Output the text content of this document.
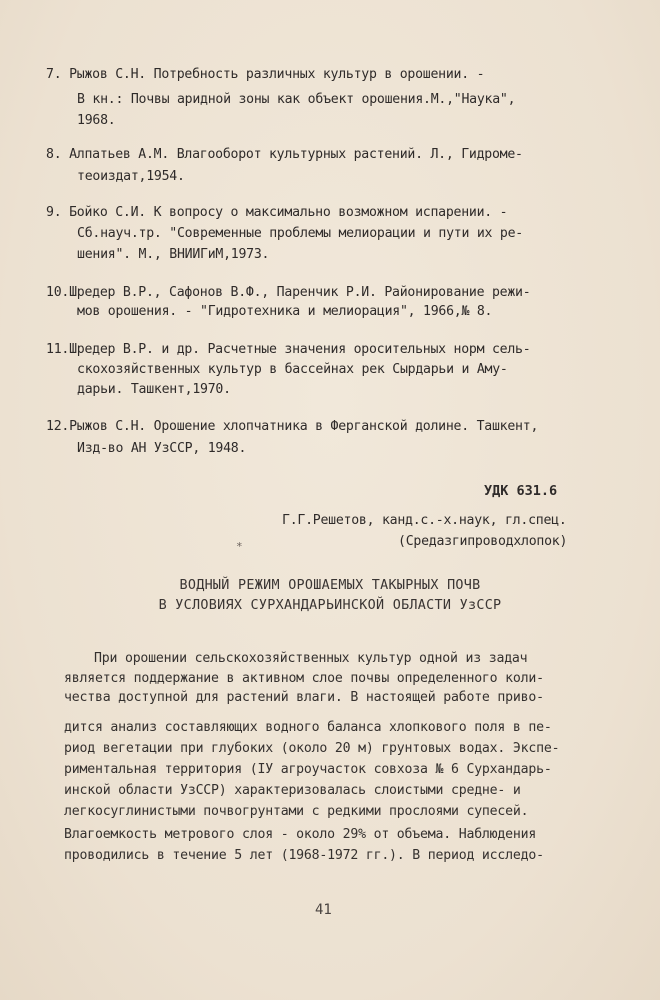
7. Рыжов С.Н. Потребность различных культур в орошении. -
В кн.: Почвы аридной зоны как объект орошения.М.,"Наука",
1968.
8. Алпатьев А.М. Влагооборот культурных растений. Л., Гидроме-
теоиздат,1954.
9. Бойко С.И. К вопросу о максимально возможном испарении. -
Сб.науч.тр. "Современные проблемы мелиорации и пути их ре-
шения". М., ВНИИГиМ,1973.
10.Шредер В.Р., Сафонов В.Ф., Паренчик Р.И. Районирование режи-
мов орошения. - "Гидротехника и мелиорация", 1966,№ 8.
11.Шредер В.Р. и др. Расчетные значения оросительных норм сель-
скохозяйственных культур в бассейнах рек Сырдарьи и Аму-
дарьи. Ташкент,1970.
12.Рыжов С.Н. Орошение хлопчатника в Ферганской долине. Ташкент,
Изд-во АН УзССР, 1948.
УДК 631.6
Г.Г.Решетов, канд.с.-х.наук, гл.спец.
(Средазгипроводхлопок)
*
ВОДНЫЙ РЕЖИМ ОРОШАЕМЫХ ТАКЫРНЫХ ПОЧВ
В УСЛОВИЯХ СУРХАНДАРЬИНСКОЙ ОБЛАСТИ УзССР
При орошении сельскохозяйственных культур одной из задач
является поддержание в активном слое почвы определенного коли-
чества доступной для растений влаги. В настоящей работе приво-
дится анализ составляющих водного баланса хлопкового поля в пе-
риод вегетации при глубоких (около 20 м) грунтовых водах. Экспе-
риментальная территория (IУ агроучасток совхоза № 6 Сурхандарь-
инской области УзССР) характеризовалась слоистыми средне- и
легкосуглинистыми почвогрунтами с редкими прослоями супесей.
Влагоемкость метрового слоя - около 29% от объема. Наблюдения
проводились в течение 5 лет (1968-1972 гг.). В период исследо-
41
